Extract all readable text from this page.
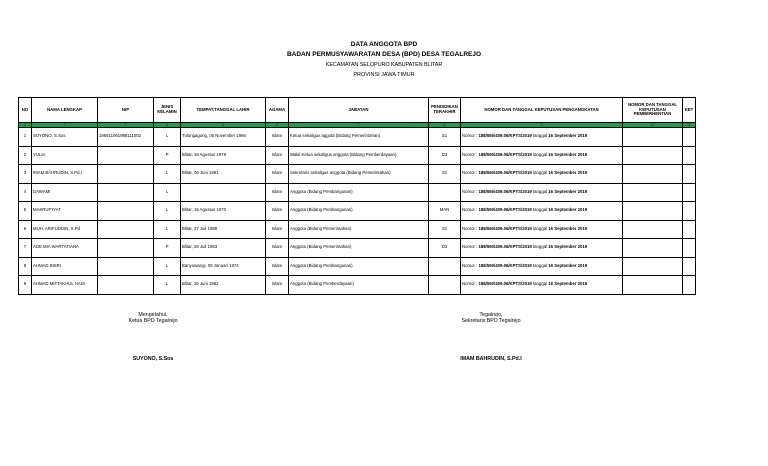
DATA ANGGOTA BPD
BADAN PERMUSYAWARATAN DESA (BPD) DESA TEGALREJO
KECAMATAN SELOPURO KABUPATEN BLITAR
PROVINSI JAWA TIMUR
NO	NAMA LENGKAP	NIP	JENIS KELAMIN	TEMPAT,TANGGAL LAHIR	AGAMA	JABATAN	PENDIDIKAN TERAKHIR	NOMOR DAN TANGGAL KEPUTUSAN PENGANGKATAN	NOMOR DAN TANGGAL KEPUTUSAN PEMBERHENTIAN	KET
1	2	3	4	5	6	7	8	9	10	11
1	SUYONO, S.Sos	196611061988111002	L	Tulungagung, 06 November 1966	Islam	Ketua sekaligus aggota (Bidang Pemerintahan)	S1	Nomor : 188/550/409.06/KPTS/2019 tanggal 16 September 2019		
2	YULIA		P	Blitar, 18 Agustus 1979	Islam	Wakil Ketua sekaligus anggota (Bidang Pemberdayaan)	D3	Nomor : 188/550/409.06/KPTS/2019 tanggal 16 September 2019		
3	IMAM BAHRUDIN, S.Pd.I		L	Blitar, 06 Juni 1991	Islam	Sekretaris sekaligus anggota (Bidang Pemerintahan)	S1	Nomor : 188/550/409.06/KPTS/2019 tanggal 16 September 2019		
4	DAWAMI		L		Islam	Anggota (Bidang Pembangunan)		Nomor : 188/550/409.06/KPTS/2019 tanggal 16 September 2019		
5	MAKRUF'IYAT		L	Blitar, 15 Agustus 1970	Islam	Anggota (Bidang Pembangunan)	MAN	Nomor : 188/550/409.06/KPTS/2019 tanggal 16 September 2019		
6	MUH. ARIFUDDIN, S.Pd		L	Blitar, 27 Juli 1989	Islam	Anggota (Bidang Pemerintahan)	S1	Nomor : 188/550/409.06/KPTS/2019 tanggal 16 September 2019		
7	ADE MIA WARTATIANA		P	Blitar, 26 Juli 1983	Islam	Anggota (Bidang Pemerintahan)	D3	Nomor : 188/550/409.06/KPTS/2019 tanggal 16 September 2019		
8	AHMAD BISRI		L	Banyuwangi, 08 Januari 1974	Islam	Anggota (Bidang Pembangunan)		Nomor : 188/550/409.06/KPTS/2019 tanggal 16 September 2019		
9	AHMAD MIFTAKHUL HADI		L	Blitar, 26 Juni 1982	Islam	Anggota (Bidang Pemberdayaan)		Nomor : 188/550/409.06/KPTS/2019 tanggal 16 September 2019		
Mengetahui,
Ketua BPD Tegalrejo
SUYONO, S.Sos
Tegalrejo,
Sekretaris BPD Tegalrejo
IMAM BAHRUDIN, S.Pd.I
